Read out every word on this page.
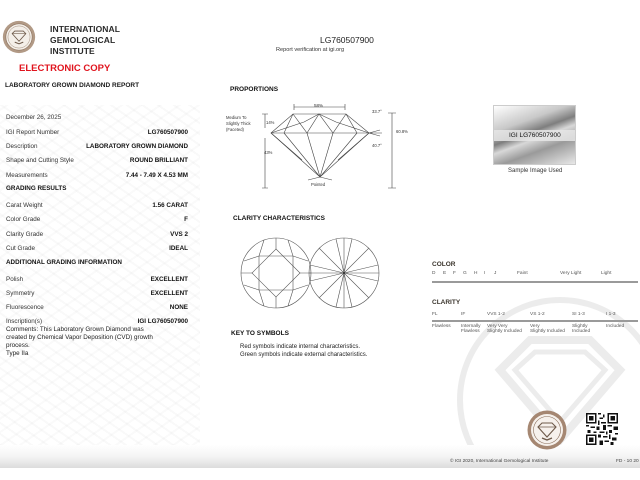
INTERNATIONAL
GEMOLOGICAL
INSTITUTE
ELECTRONIC COPY
LABORATORY GROWN DIAMOND REPORT
December 26, 2025
IGI Report Number	LG760507900
Description	LABORATORY GROWN DIAMOND
Shape and Cutting Style	ROUND BRILLIANT
Measurements	7.44 - 7.49 X 4.53 MM
GRADING RESULTS
Carat Weight	1.56 CARAT
Color Grade	F
Clarity Grade	VVS 2
Cut Grade	IDEAL
ADDITIONAL GRADING INFORMATION
Polish	EXCELLENT
Symmetry	EXCELLENT
Fluorescence	NONE
Inscription(s)	IGI LG760507900
Comments: This Laboratory Grown Diamond was
created by Chemical Vapor Deposition (CVD) growth
process.
Type IIa
LG760507900
Report verification at igi.org
PROPORTIONS
58%
33.7°
40.7°
60.8%
14%
43%
Medium To
Slightly Thick
(Faceted)
Pointed
IGI LG760507900
Sample Image Used
CLARITY CHARACTERISTICS
KEY TO SYMBOLS
Red symbols indicate internal characteristics.
Green symbols indicate external characteristics.
COLOR
D E F G H I J	Faint	Very Light	Light
CLARITY
FL	IF	VVS 1-2	VS 1-2	SI 1-3	I 1-3
Flawless Internally
Flawless
Very Very
Slightly Included
Very
Slightly Included
Slightly
Included
Included
© IGI 2020, International Gemological Institute	FD - 10 20
